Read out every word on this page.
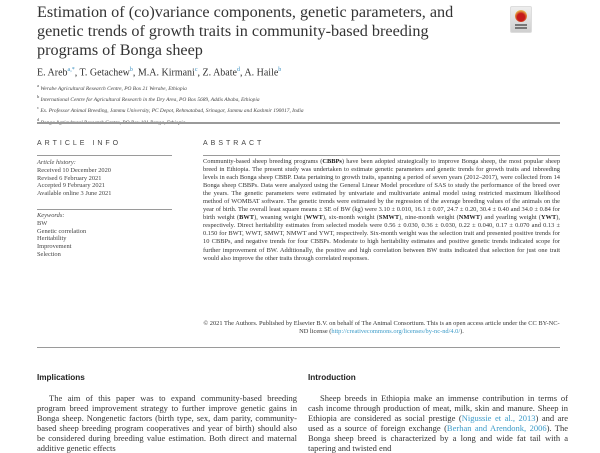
Estimation of (co)variance components, genetic parameters, and genetic trends of growth traits in community-based breeding programs of Bonga sheep
E. Areb$^{a,*}$, T. Getachew$^b$, M.A. Kirmani$^c$, Z. Abate$^d$, A. Haile$^b$
$^a$ Werabe Agricultural Research Centre, PO Box 21 Werabe, Ethiopia
$^b$ International Centre for Agricultural Research in the Dry Area, PO Box 5689, Addis Ababa, Ethiopia
$^c$ Ex. Professor Animal Breeding, Jammu University, PC Depot, Rehmatabad, Srinagar, Jammu and Kashmir 190017, India
$^d$
ARTICLE INFO
Article history:
Received 10 December 2020
Revised 6 February 2021
Accepted 9 February 2021
Available online 3 June 2021
Keywords:
BW
Genetic correlation
Heritability
Improvement
Selection
ABSTRACT
Community-based sheep breeding programs (CBBPs) have been adopted strategically to improve Bonga sheep, the most popular sheep breed in Ethiopia. The present study was undertaken to estimate genetic parameters and genetic trends for growth traits and inbreeding levels in each Bonga sheep CBBP. Data pertaining to growth traits, spanning a period of seven years (2012–2017), were collected from 14 Bonga sheep CBBPs. Data were analyzed using the General Linear Model procedure of SAS to study the performance of the breed over the years. The genetic parameters were estimated by univariate and multivariate animal model using restricted maximum likelihood method of WOMBAT software. The genetic trends were estimated by the regression of the average breeding values of the animals on the year of birth. The overall least square means ± SE of BW (kg) were 3.10 ± 0.010, 16.1 ± 0.07, 24.7 ± 0.20, 30.4 ± 0.40 and 34.0 ± 0.84 for birth weight (BWT), weaning weight (WWT), six-month weight (SMWT), nine-month weight (NMWT) and yearling weight (YWT), respectively. Direct heritability estimates from selected models were 0.56 ± 0.030, 0.36 ± 0.030, 0.22 ± 0.040, 0.17 ± 0.070 and 0.13 ± 0.150 for BWT, WWT, SMWT, NMWT and YWT, respectively. Six-month weight was the selection trait and presented positive trends for 10 CBBPs, and negative trends for four CBBPs. Moderate to high heritability estimates and positive genetic trends indicated scope for further improvement of BW. Additionally, the positive and high correlation between BW traits indicated that selection for just one trait would also improve the other traits through correlated responses.
© 2021 The Authors. Published by Elsevier B.V. on behalf of The Animal Consortium. This is an open access article under the CC BY-NC-ND license (http://creativecommons.org/licenses/by-nc-nd/4.0/).
Implications
The aim of this paper was to expand community-based breeding program breed improvement strategy to further improve genetic gains in Bonga sheep. Nongenetic factors (birth type, sex, dam parity, community-based sheep breeding program cooperatives and year of birth) should also be considered during breeding value estimation. Both direct and maternal additive genetic effects
Introduction
Sheep breeds in Ethiopia make an immense contribution in terms of cash income through production of meat, milk, skin and manure. Sheep in Ethiopia are considered as social prestige (Nigussie et al., 2013) and are used as a source of foreign exchange (Berhan and Arendonk, 2006). The Bonga sheep breed is characterized by a long and wide fat tail with a tapering and twisted end
